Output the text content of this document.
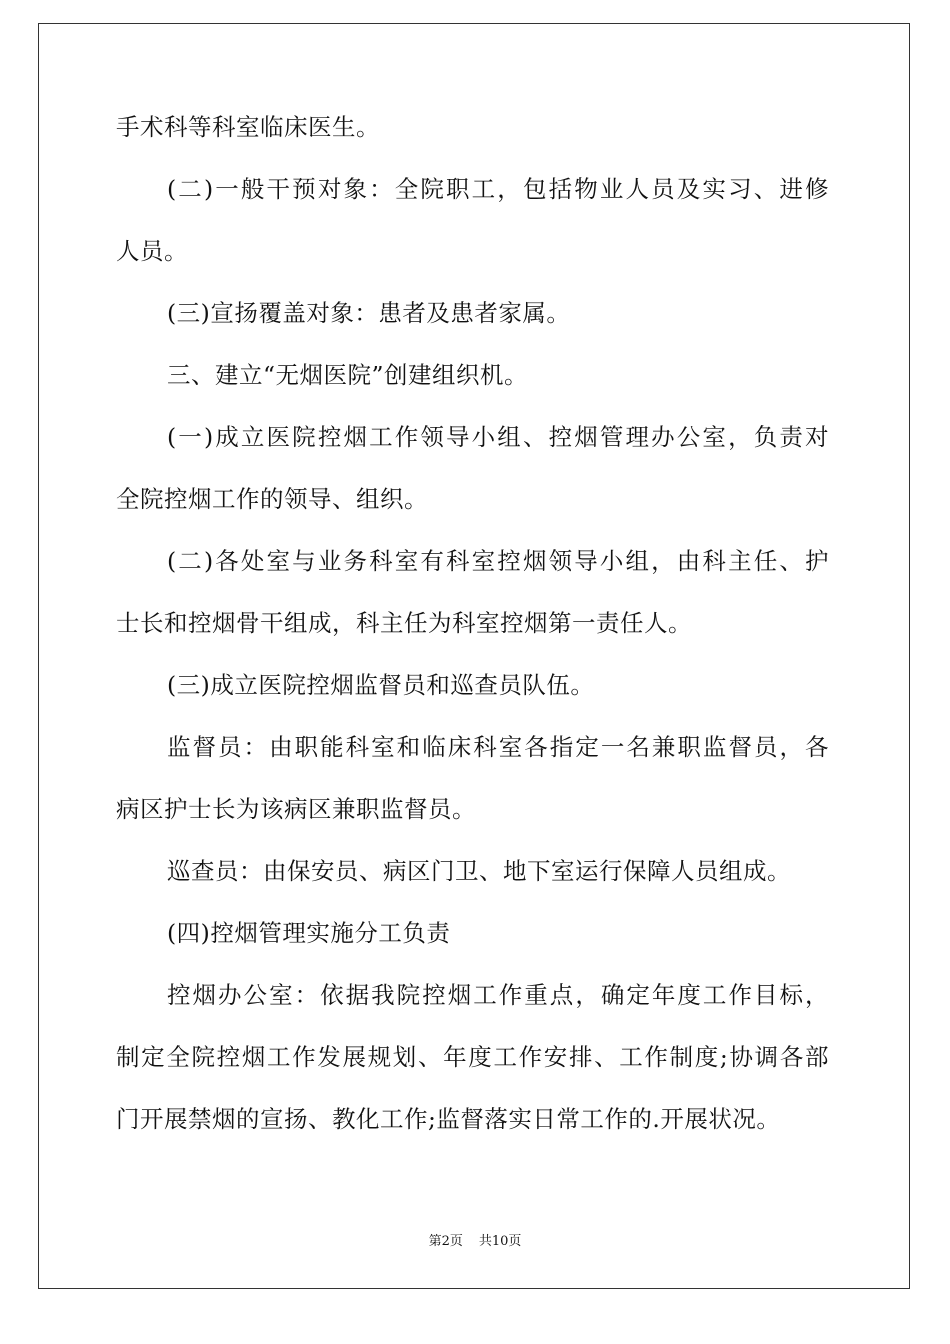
手术科等科室临床医生。
(二)一般干预对象：全院职工，包括物业人员及实习、进修
人员。
(三)宣扬覆盖对象：患者及患者家属。
三、建立“无烟医院”创建组织机。
(一)成立医院控烟工作领导小组、控烟管理办公室，负责对
全院控烟工作的领导、组织。
(二)各处室与业务科室有科室控烟领导小组，由科主任、护
士长和控烟骨干组成，科主任为科室控烟第一责任人。
(三)成立医院控烟监督员和巡查员队伍。
监督员：由职能科室和临床科室各指定一名兼职监督员，各
病区护士长为该病区兼职监督员。
巡查员：由保安员、病区门卫、地下室运行保障人员组成。
(四)控烟管理实施分工负责
控烟办公室：依据我院控烟工作重点，确定年度工作目标，
制定全院控烟工作发展规划、年度工作安排、工作制度;协调各部
门开展禁烟的宣扬、教化工作;监督落实日常工作的.开展状况。
第2页 共10页
